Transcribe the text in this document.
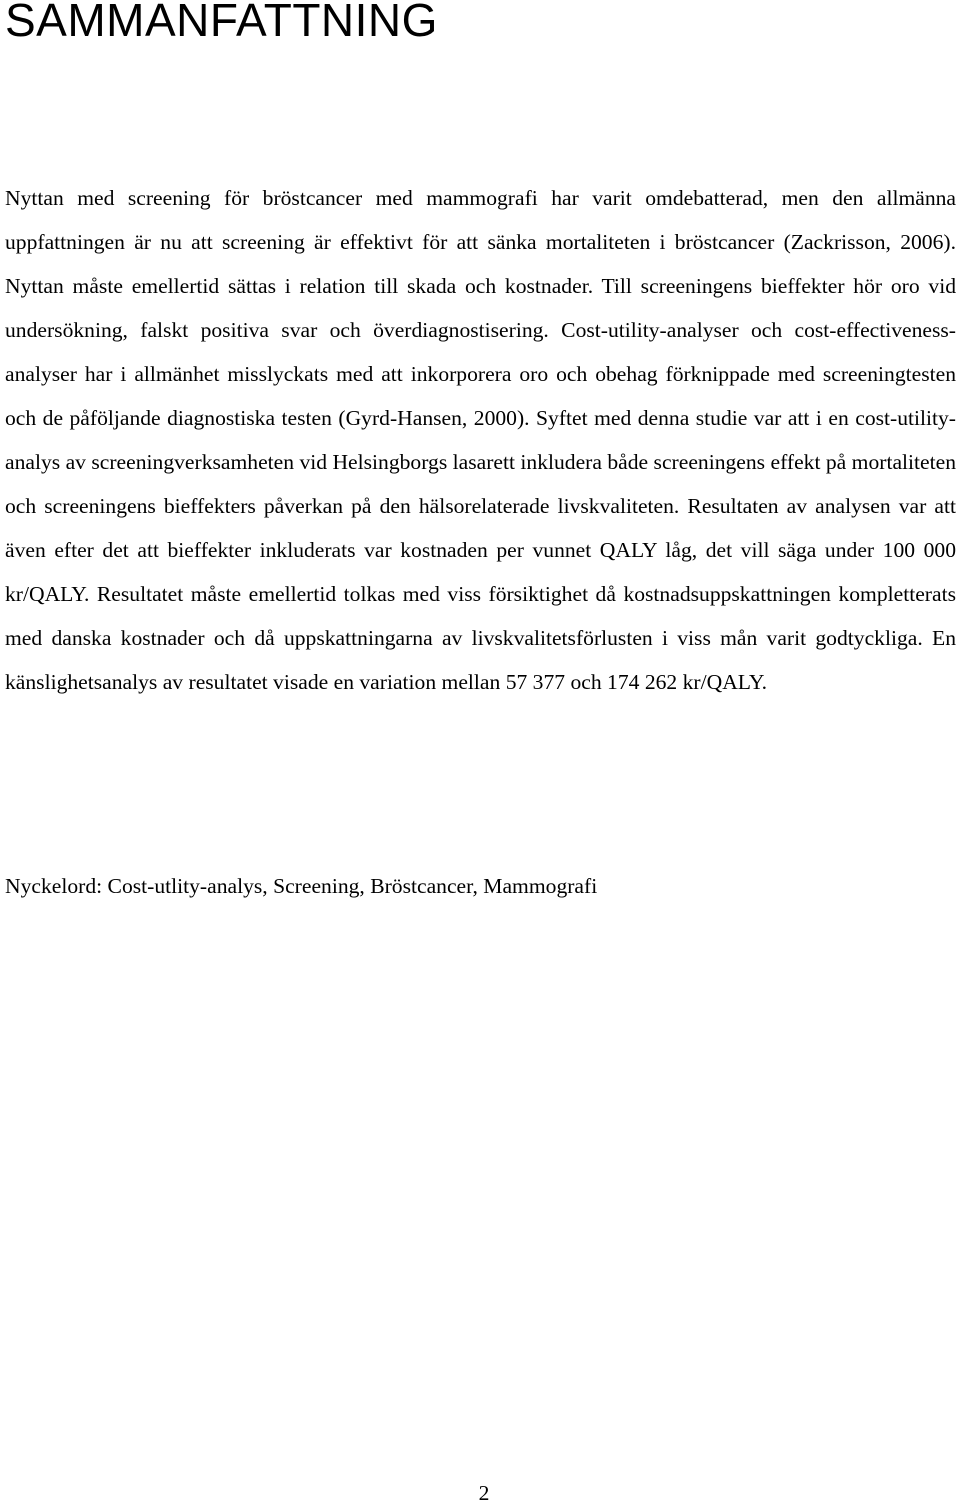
SAMMANFATTNING

Nyttan med screening för bröstcancer med mammografi har varit omdebatterad, men den allmänna uppfattningen är nu att screening är effektivt för att sänka mortaliteten i bröstcancer (Zackrisson, 2006). Nyttan måste emellertid sättas i relation till skada och kostnader. Till screeningens bieffekter hör oro vid undersökning, falskt positiva svar och överdiagnostisering. Cost-utility-analyser och cost-effectiveness-analyser har i allmänhet misslyckats med att inkorporera oro och obehag förknippade med screeningtesten och de påföljande diagnostiska testen (Gyrd-Hansen, 2000). Syftet med denna studie var att i en cost-utility-analys av screeningverksamheten vid Helsingborgs lasarett inkludera både screeningens effekt på mortaliteten och screeningens bieffekters påverkan på den hälsorelaterade livskvaliteten. Resultaten av analysen var att även efter det att bieffekter inkluderats var kostnaden per vunnet QALY låg, det vill säga under 100 000 kr/QALY. Resultatet måste emellertid tolkas med viss försiktighet då kostnadsuppskattningen kompletterats med danska kostnader och då uppskattningarna av livskvalitetsförlusten i viss mån varit godtyckliga. En känslighetsanalys av resultatet visade en variation mellan 57 377 och 174 262 kr/QALY.

Nyckelord: Cost-utlity-analys, Screening, Bröstcancer, Mammografi

2
